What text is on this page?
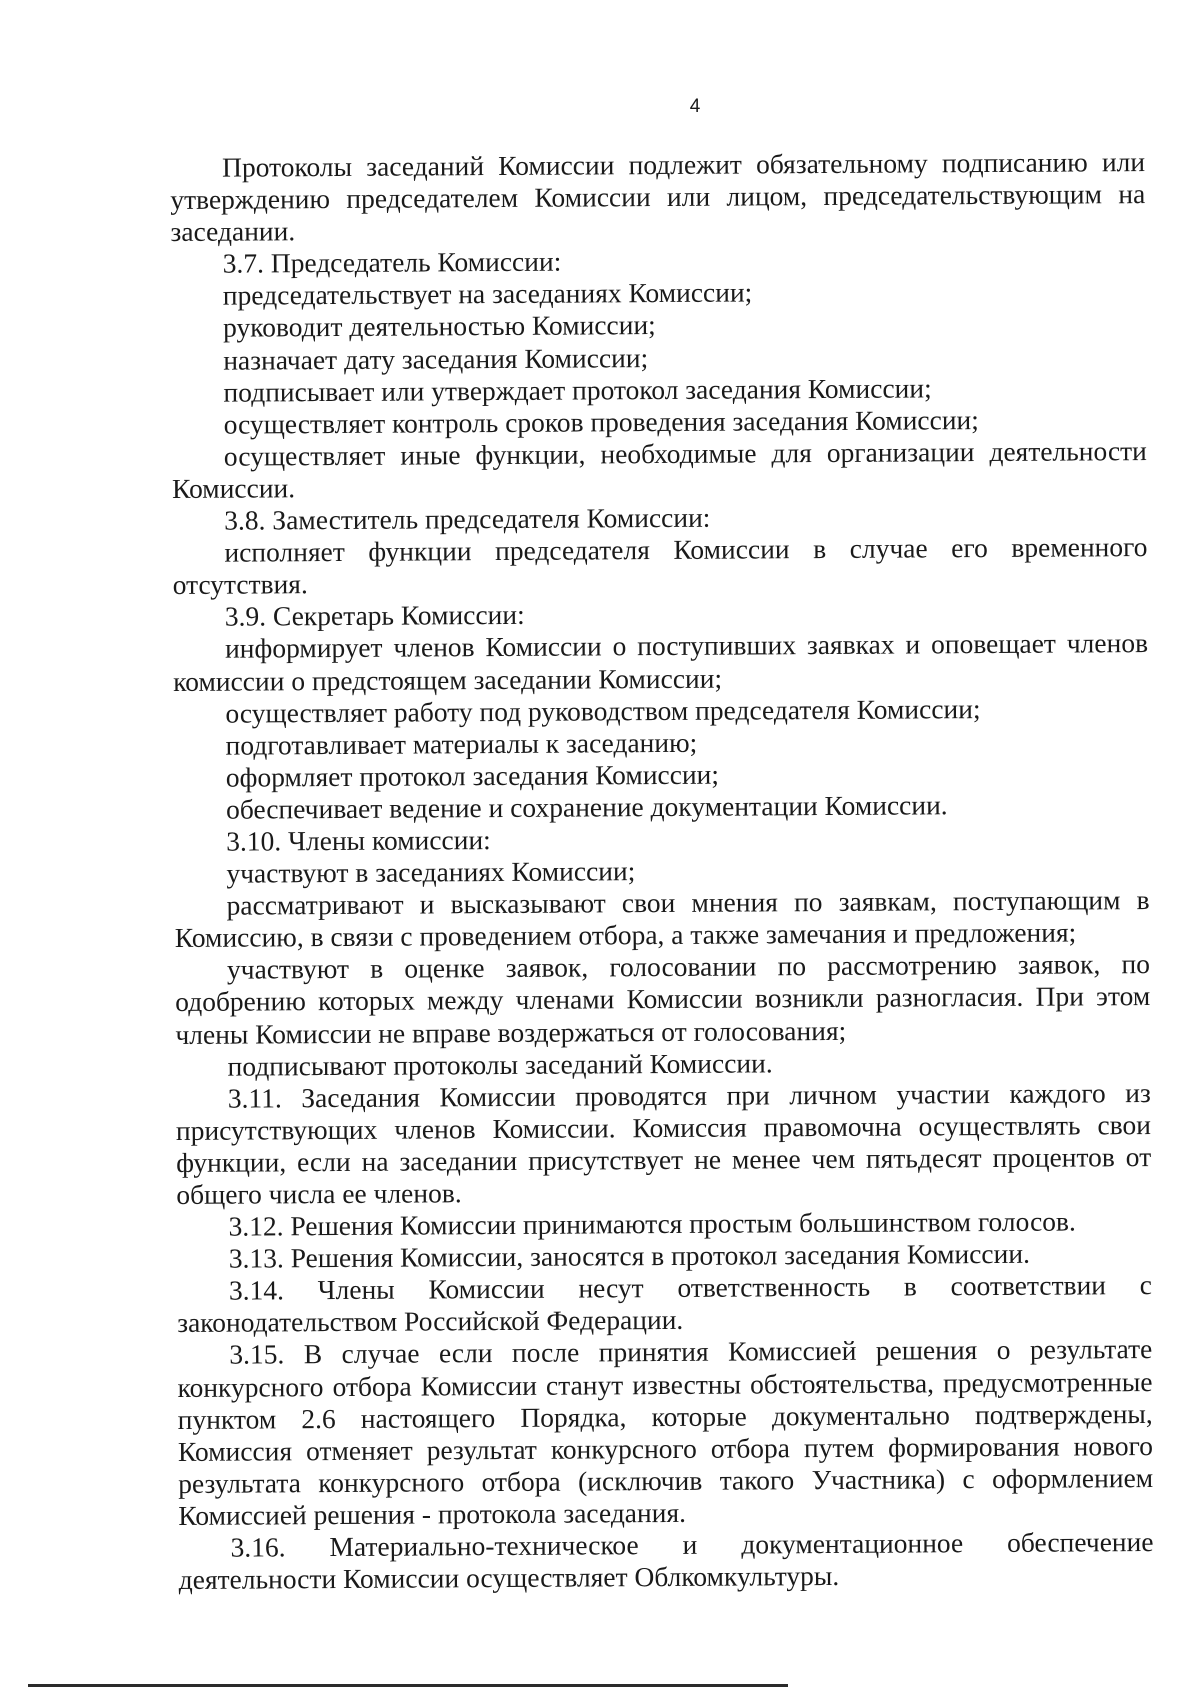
4

Протоколы заседаний Комиссии подлежит обязательному подписанию или утверждению председателем Комиссии или лицом, председательствующим на заседании.

3.7. Председатель Комиссии:

председательствует на заседаниях Комиссии;

руководит деятельностью Комиссии;

назначает дату заседания Комиссии;

подписывает или утверждает протокол заседания Комиссии;

осуществляет контроль сроков проведения заседания Комиссии;

осуществляет иные функции, необходимые для организации деятельности Комиссии.

3.8. Заместитель председателя Комиссии:

исполняет функции председателя Комиссии в случае его временного отсутствия.

3.9. Секретарь Комиссии:

информирует членов Комиссии о поступивших заявках и оповещает членов комиссии о предстоящем заседании Комиссии;

осуществляет работу под руководством председателя Комиссии;

подготавливает материалы к заседанию;

оформляет протокол заседания Комиссии;

обеспечивает ведение и сохранение документации Комиссии.

3.10. Члены комиссии:

участвуют в заседаниях Комиссии;

рассматривают и высказывают свои мнения по заявкам, поступающим в Комиссию, в связи с проведением отбора, а также замечания и предложения;

участвуют в оценке заявок, голосовании по рассмотрению заявок, по одобрению которых между членами Комиссии возникли разногласия. При этом члены Комиссии не вправе воздержаться от голосования;

подписывают протоколы заседаний Комиссии.

3.11. Заседания Комиссии проводятся при личном участии каждого из присутствующих членов Комиссии. Комиссия правомочна осуществлять свои функции, если на заседании присутствует не менее чем пятьдесят процентов от общего числа ее членов.

3.12. Решения Комиссии принимаются простым большинством голосов.

3.13. Решения Комиссии, заносятся в протокол заседания Комиссии.

3.14. Члены Комиссии несут ответственность в соответствии с законодательством Российской Федерации.

3.15. В случае если после принятия Комиссией решения о результате конкурсного отбора Комиссии станут известны обстоятельства, предусмотренные пунктом 2.6 настоящего Порядка, которые документально подтверждены, Комиссия отменяет результат конкурсного отбора путем формирования нового результата конкурсного отбора (исключив такого Участника) с оформлением Комиссией решения - протокола заседания.

3.16. Материально-техническое и документационное обеспечение деятельности Комиссии осуществляет Облкомкультуры.
